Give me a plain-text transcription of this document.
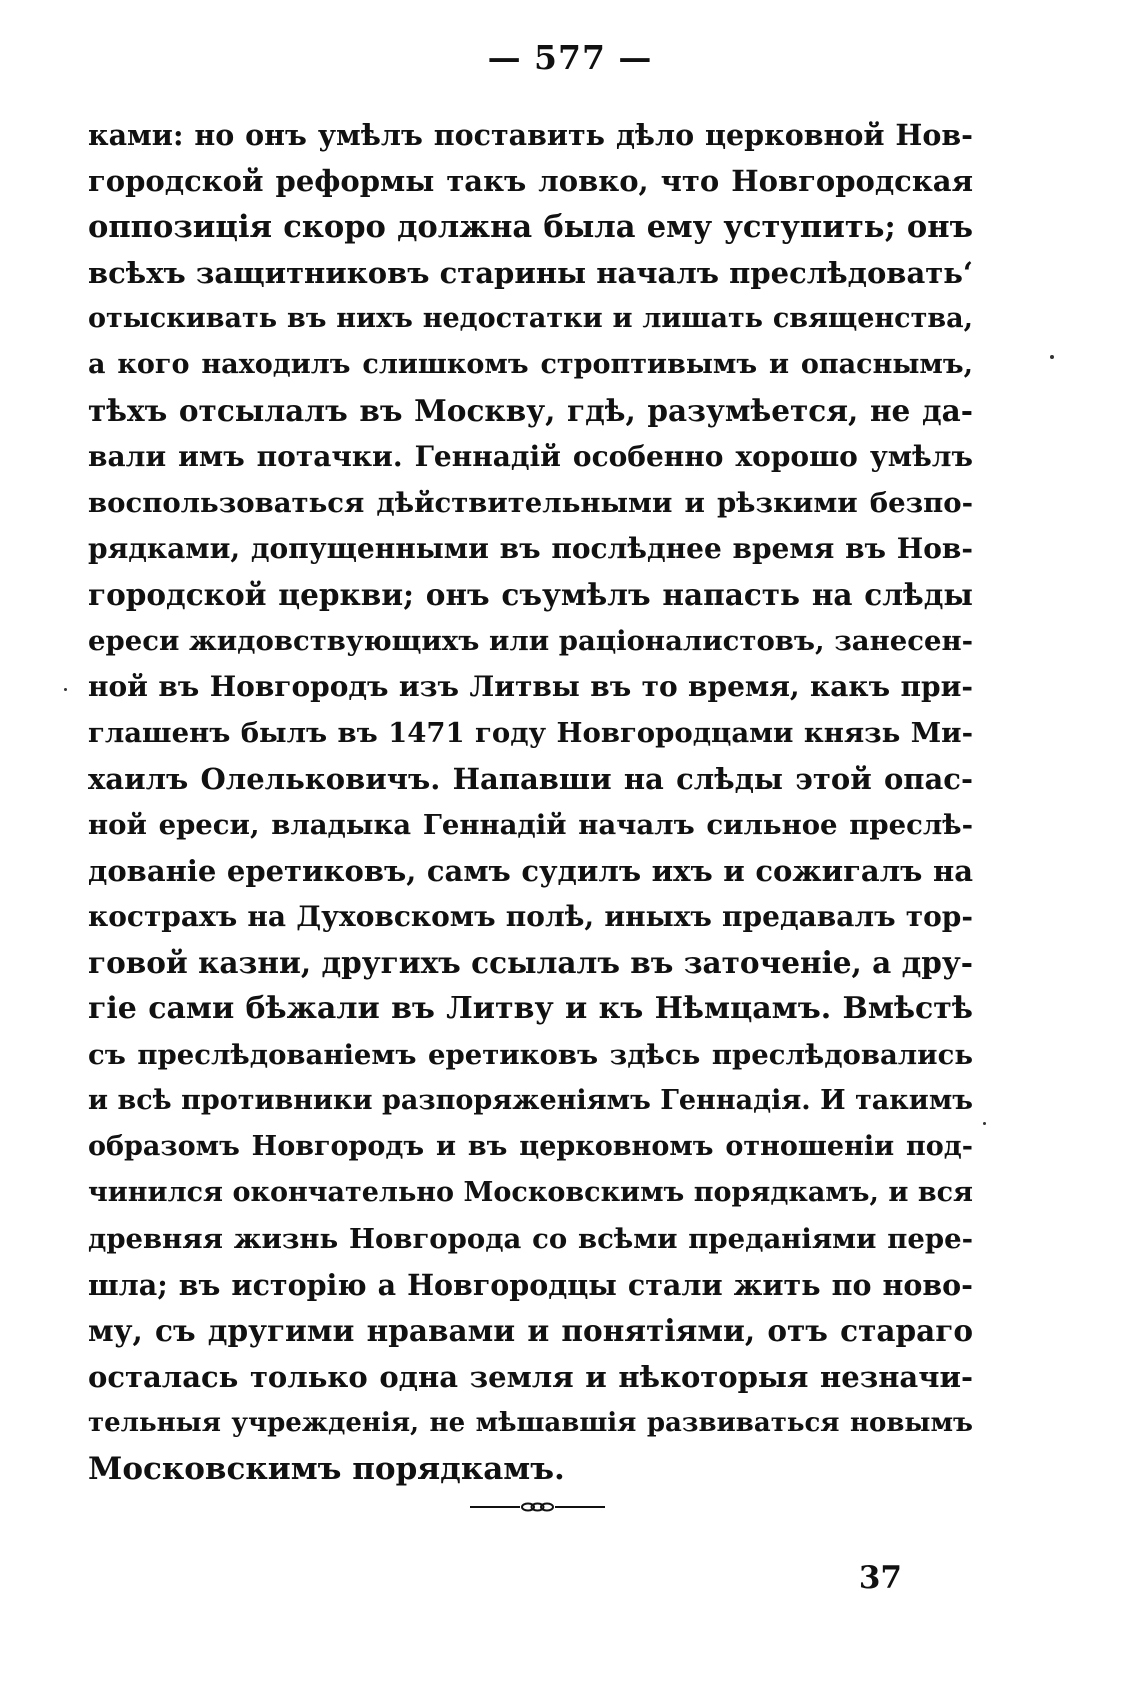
— 577 —
ками: но онъ умѣлъ поставить дѣло церковной Нов-
городской реформы такъ ловко, что Новгородская
оппозиція скоро должна была ему уступить; онъ
всѣхъ защитниковъ старины началъ преслѣдовать‘
отыскивать въ нихъ недостатки и лишать священства,
а кого находилъ слишкомъ строптивымъ и опаснымъ,
тѣхъ отсылалъ въ Москву, гдѣ, разумѣется, не да-
вали имъ потачки. Геннадій особенно хорошо умѣлъ
воспользоваться дѣйствительными и рѣзкими безпо-
рядками, допущенными въ послѣднее время въ Нов-
городской церкви; онъ съумѣлъ напасть на слѣды
ереси жидовствующихъ или раціоналистовъ, занесен-
ной въ Новгородъ изъ Литвы въ то время, какъ при-
глашенъ былъ въ 1471 году Новгородцами князь Ми-
хаилъ Олельковичъ. Напавши на слѣды этой опас-
ной ереси, владыка Геннадій началъ сильное преслѣ-
дованіе еретиковъ, самъ судилъ ихъ и сожигалъ на
кострахъ на Духовскомъ полѣ, иныхъ предавалъ тор-
говой казни, другихъ ссылалъ въ заточеніе, а дру-
гіе сами бѣжали въ Литву и къ Нѣмцамъ. Вмѣстѣ
съ преслѣдованіемъ еретиковъ здѣсь преслѣдовались
и всѣ противники разпоряженіямъ Геннадія. И такимъ
образомъ Новгородъ и въ церковномъ отношеніи под-
чинился окончательно Московскимъ порядкамъ, и вся
древняя жизнь Новгорода со всѣми преданіями пере-
шла; въ исторію а Новгородцы стали жить по ново-
му, съ другими нравами и понятіями, отъ стараго
осталась только одна земля и нѣкоторыя незначи-
тельныя учрежденія, не мѣшавшія развиваться новымъ
Московскимъ порядкамъ.
37
